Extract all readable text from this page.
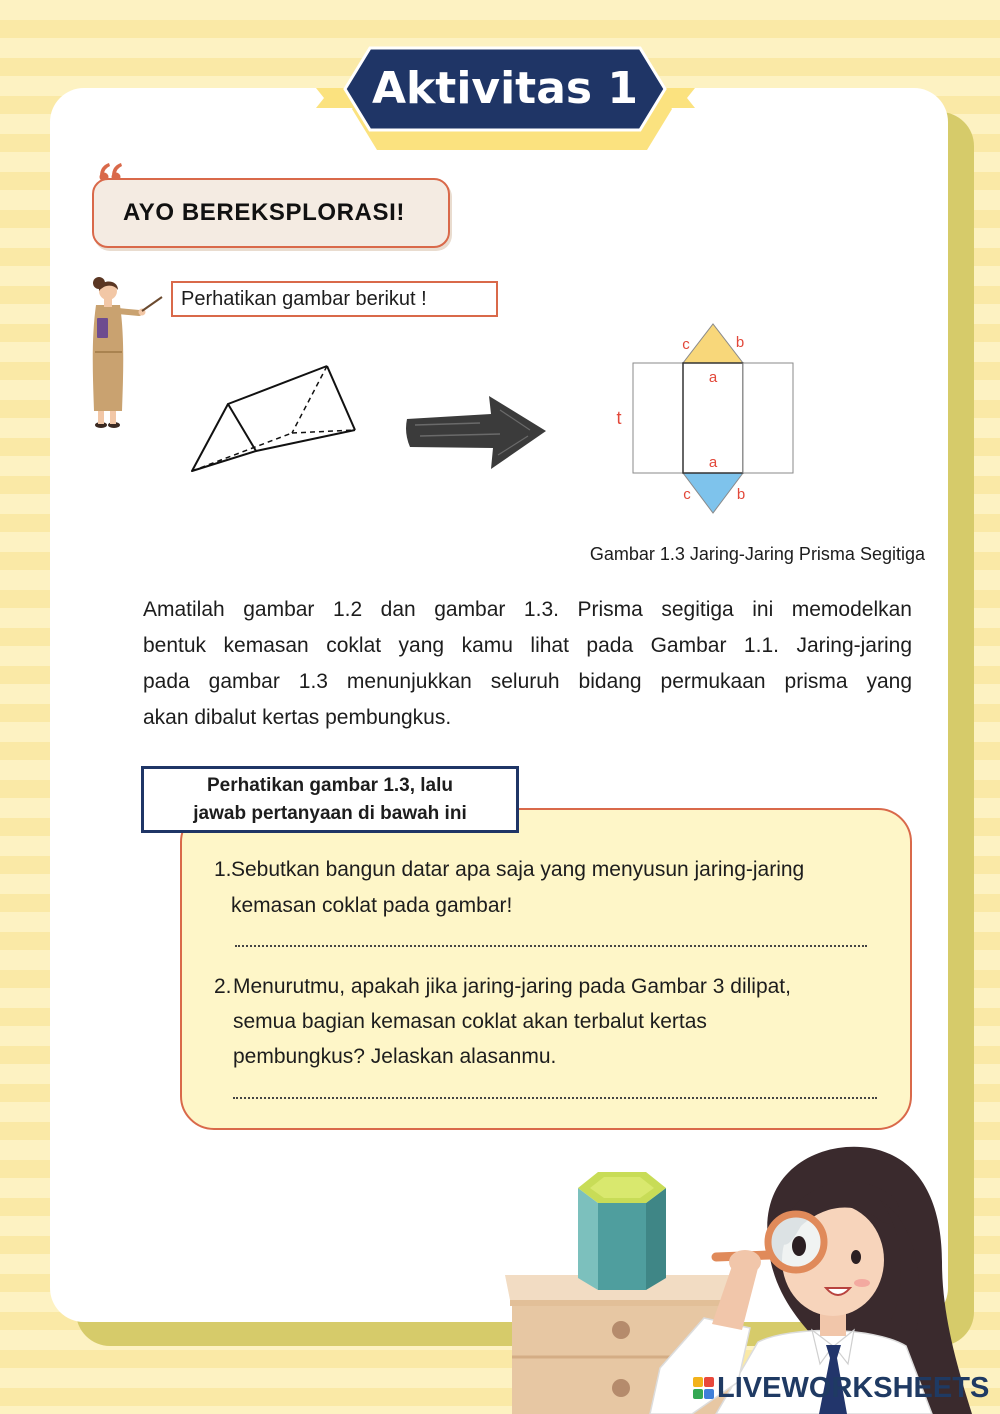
c	b
a
t
a
c	b
Aktivitas 1
AYO BEREKSPLORASI!
Perhatikan gambar berikut !
Gambar 1.3 Jaring-Jaring Prisma Segitiga
Amatilah gambar 1.2 dan gambar 1.3. Prisma segitiga ini memodelkan
bentuk kemasan coklat yang kamu lihat pada Gambar 1.1. Jaring-jaring
pada gambar 1.3 menunjukkan seluruh bidang permukaan prisma yang
akan dibalut kertas pembungkus.
Perhatikan gambar 1.3, lalu
jawab pertanyaan di bawah ini
1. Sebutkan bangun datar apa saja yang menyusun jaring-jaring
kemasan coklat pada gambar!
2. Menurutmu, apakah jika jaring-jaring pada Gambar 3 dilipat,
semua bagian kemasan coklat akan terbalut kertas
pembungkus? Jelaskan alasanmu.
LIVEWORKSHEETS
